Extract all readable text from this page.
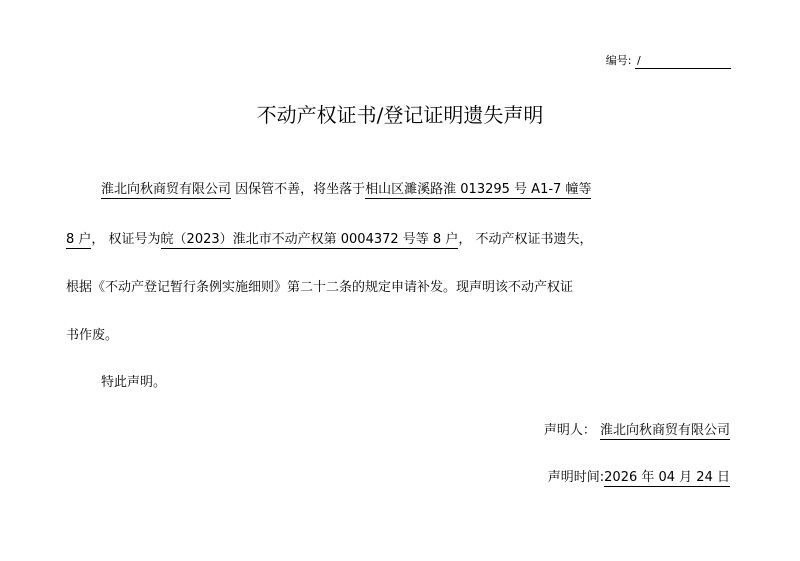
编号: /
不动产权证书/登记证明遗失声明
淮北向秋商贸有限公司 因保管不善，将坐落于相山区濉溪路淮 013295 号 A1-7 幢等
8 户， 权证号为皖（2023）淮北市不动产权第 0004372 号等 8 户， 不动产权证书遗失，
根据《不动产登记暂行条例实施细则》第二十二条的规定申请补发。现声明该不动产权证
书作废。
特此声明。
声明人： 淮北向秋商贸有限公司
声明时间:2026 年 04 月 24 日
